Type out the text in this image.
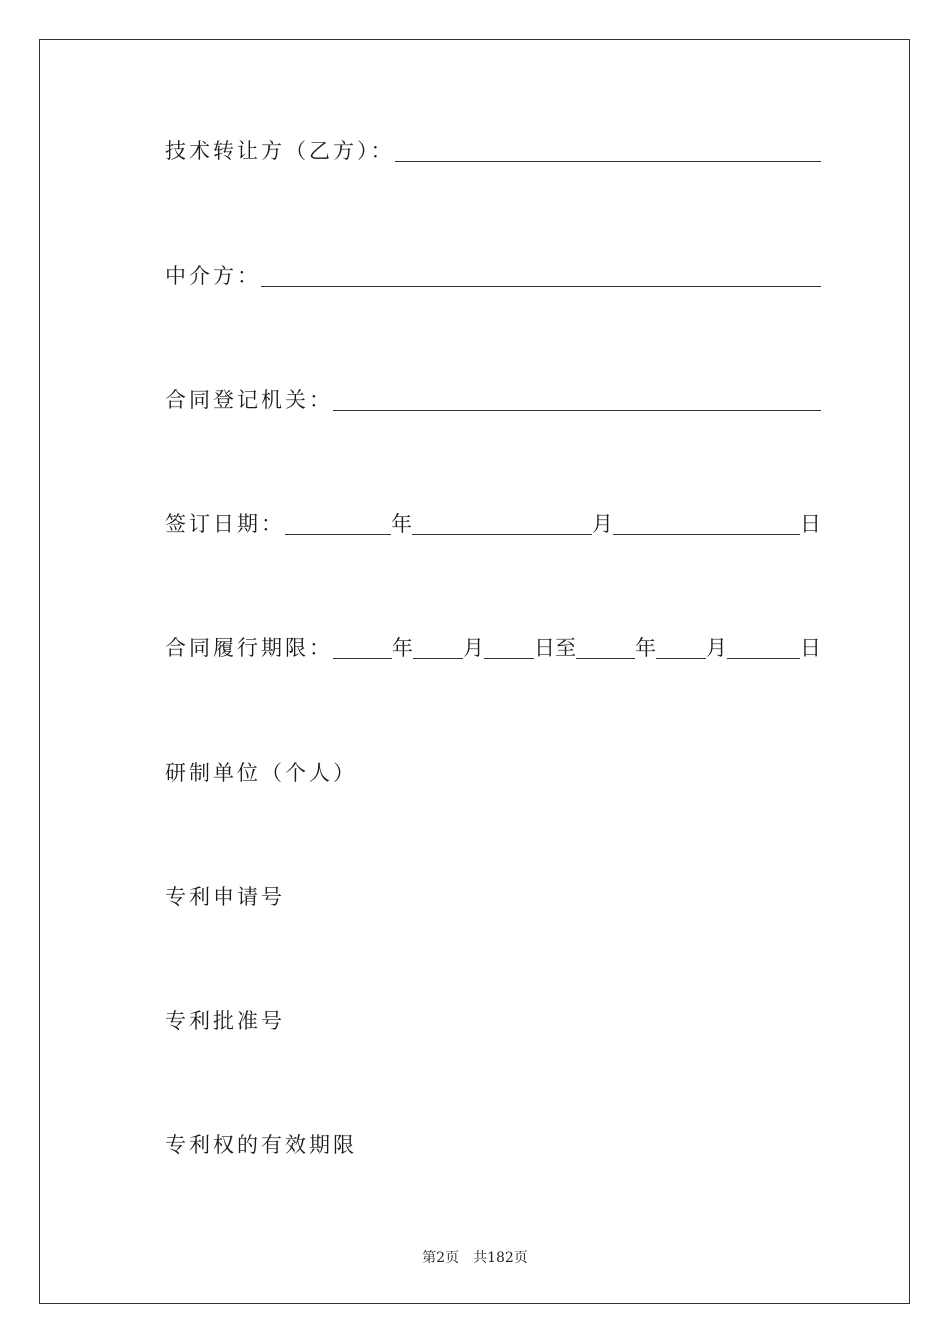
技术转让方（乙方）：
中介方：
合同登记机关：
签订日期：	年	月	日
合同履行期限：	年 月 日至	年 月	日
研制单位（个人）
专利申请号
专利批准号
专利权的有效期限
第2页 共182页
